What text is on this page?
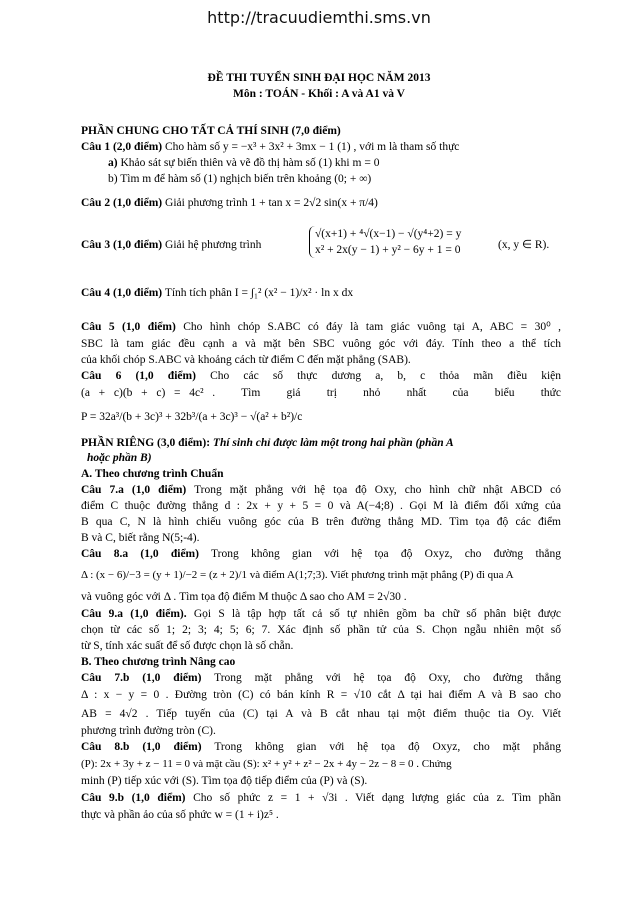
http://tracuudiemthi.sms.vn
ĐỀ THI TUYỂN SINH ĐẠI HỌC NĂM 2013
Môn : TOÁN - Khối : A và A1 và V
PHẦN CHUNG CHO TẤT CẢ THÍ SINH (7,0 điểm)
Câu 1 (2,0 điểm) Cho hàm số y = −x³ + 3x² + 3mx − 1 (1) , với m là tham số thực
a) Khảo sát sự biến thiên và vẽ đồ thị hàm số (1) khi m = 0
b) Tìm m để hàm số (1) nghịch biến trên khoảng (0; + ∞)
Câu 2 (1,0 điểm) Giải phương trình 1 + tan x = 2√2 sin(x + π/4)
Câu 3 (1,0 điểm) Giải hệ phương trình
√(x+1) + ⁴√(x−1) − √(y⁴+2) = y
x² + 2x(y − 1) + y² − 6y + 1 = 0	(x, y ∈ R).
Câu 4 (1,0 điểm) Tính tích phân I = ∫₁² (x² − 1)/x² · ln x dx
Câu 5 (1,0 điểm) Cho hình chóp S.ABC có đáy là tam giác vuông tại A, ABC = 30⁰ ,
SBC là tam giác đều cạnh a và mặt bên SBC vuông góc với đáy. Tính theo a thể tích
của khối chóp S.ABC và khoảng cách từ điểm C đến mặt phẳng (SAB).
Câu 6 (1,0 điểm) Cho các số thực dương a, b, c thỏa mãn điều kiện
(a + c)(b + c) = 4c² .   Tìm   giá   trị   nhỏ   nhất   của   biểu   thức
P = 32a³/(b + 3c)³ + 32b³/(a + 3c)³ − √(a² + b²)/c
PHẦN RIÊNG (3,0 điểm): Thí sinh chỉ được làm một trong hai phần (phần A
hoặc phần B)
A. Theo chương trình Chuẩn
Câu 7.a (1,0 điểm) Trong mặt phẳng với hệ tọa độ Oxy, cho hình chữ nhật ABCD có
điểm C thuộc đường thẳng d : 2x + y + 5 = 0 và A(−4;8) . Gọi M là điểm đối xứng của
B qua C, N là hình chiếu vuông góc của B trên đường thẳng MD. Tìm tọa độ các điểm
B và C, biết rằng N(5;-4).
Câu 8.a (1,0 điểm) Trong không gian với hệ tọa độ Oxyz, cho đường thẳng
Δ : (x − 6)/−3 = (y + 1)/−2 = (z + 2)/1 và điểm A(1;7;3). Viết phương trình mặt phẳng (P) đi qua A
và vuông góc với Δ . Tìm tọa độ điểm M thuộc Δ sao cho AM = 2√30 .
Câu 9.a (1,0 điểm). Gọi S là tập hợp tất cả số tự nhiên gồm ba chữ số phân biệt được
chọn từ các số 1; 2; 3; 4; 5; 6; 7. Xác định số phần tử của S. Chọn ngẫu nhiên một số
từ S, tính xác suất để số được chọn là số chẵn.
B. Theo chương trình Nâng cao
Câu 7.b (1,0 điểm) Trong mặt phẳng với hệ tọa độ Oxy, cho đường thẳng
Δ : x − y = 0 . Đường tròn (C) có bán kính R = √10 cắt Δ tại hai điểm A và B sao cho
AB = 4√2 . Tiếp tuyến của (C) tại A và B cắt nhau tại một điểm thuộc tia Oy. Viết
phương trình đường tròn (C).
Câu 8.b (1,0 điểm) Trong không gian với hệ tọa độ Oxyz, cho mặt phẳng
(P): 2x + 3y + z − 11 = 0 và mặt cầu (S): x² + y² + z² − 2x + 4y − 2z − 8 = 0 . Chứng
minh (P) tiếp xúc với (S). Tìm tọa độ tiếp điểm của (P) và (S).
Câu 9.b (1,0 điểm) Cho số phức z = 1 + √3i . Viết dạng lượng giác của z. Tìm phần
thực và phần ảo của số phức w = (1 + i)z⁵ .
